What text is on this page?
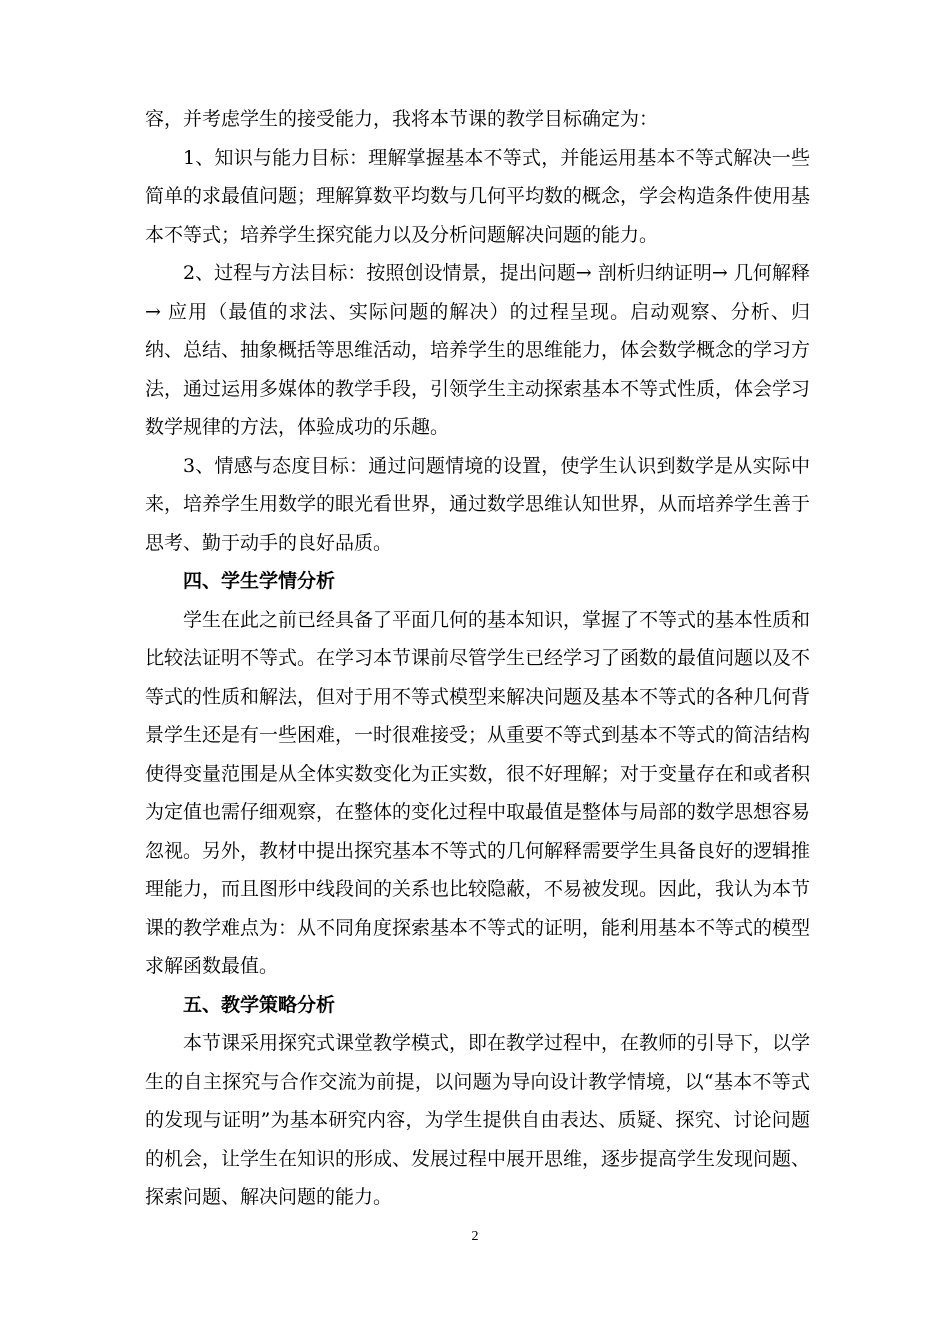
容，并考虑学生的接受能力，我将本节课的教学目标确定为：

1、知识与能力目标：理解掌握基本不等式，并能运用基本不等式解决一些简单的求最值问题；理解算数平均数与几何平均数的概念，学会构造条件使用基本不等式；培养学生探究能力以及分析问题解决问题的能力。

2、过程与方法目标：按照创设情景，提出问题→ 剖析归纳证明→ 几何解释→ 应用（最值的求法、实际问题的解决）的过程呈现。启动观察、分析、归纳、总结、抽象概括等思维活动，培养学生的思维能力，体会数学概念的学习方法，通过运用多媒体的教学手段，引领学生主动探索基本不等式性质，体会学习数学规律的方法，体验成功的乐趣。

3、情感与态度目标：通过问题情境的设置，使学生认识到数学是从实际中来，培养学生用数学的眼光看世界，通过数学思维认知世界，从而培养学生善于思考、勤于动手的良好品质。

四、学生学情分析

学生在此之前已经具备了平面几何的基本知识，掌握了不等式的基本性质和比较法证明不等式。在学习本节课前尽管学生已经学习了函数的最值问题以及不等式的性质和解法，但对于用不等式模型来解决问题及基本不等式的各种几何背景学生还是有一些困难，一时很难接受；从重要不等式到基本不等式的简洁结构使得变量范围是从全体实数变化为正实数，很不好理解；对于变量存在和或者积为定值也需仔细观察，在整体的变化过程中取最值是整体与局部的数学思想容易忽视。另外，教材中提出探究基本不等式的几何解释需要学生具备良好的逻辑推理能力，而且图形中线段间的关系也比较隐蔽，不易被发现。因此，我认为本节课的教学难点为：从不同角度探索基本不等式的证明，能利用基本不等式的模型求解函数最值。

五、教学策略分析

本节课采用探究式课堂教学模式，即在教学过程中，在教师的引导下，以学生的自主探究与合作交流为前提，以问题为导向设计教学情境，以“基本不等式的发现与证明”为基本研究内容，为学生提供自由表达、质疑、探究、讨论问题的机会，让学生在知识的形成、发展过程中展开思维，逐步提高学生发现问题、探索问题、解决问题的能力。

2
